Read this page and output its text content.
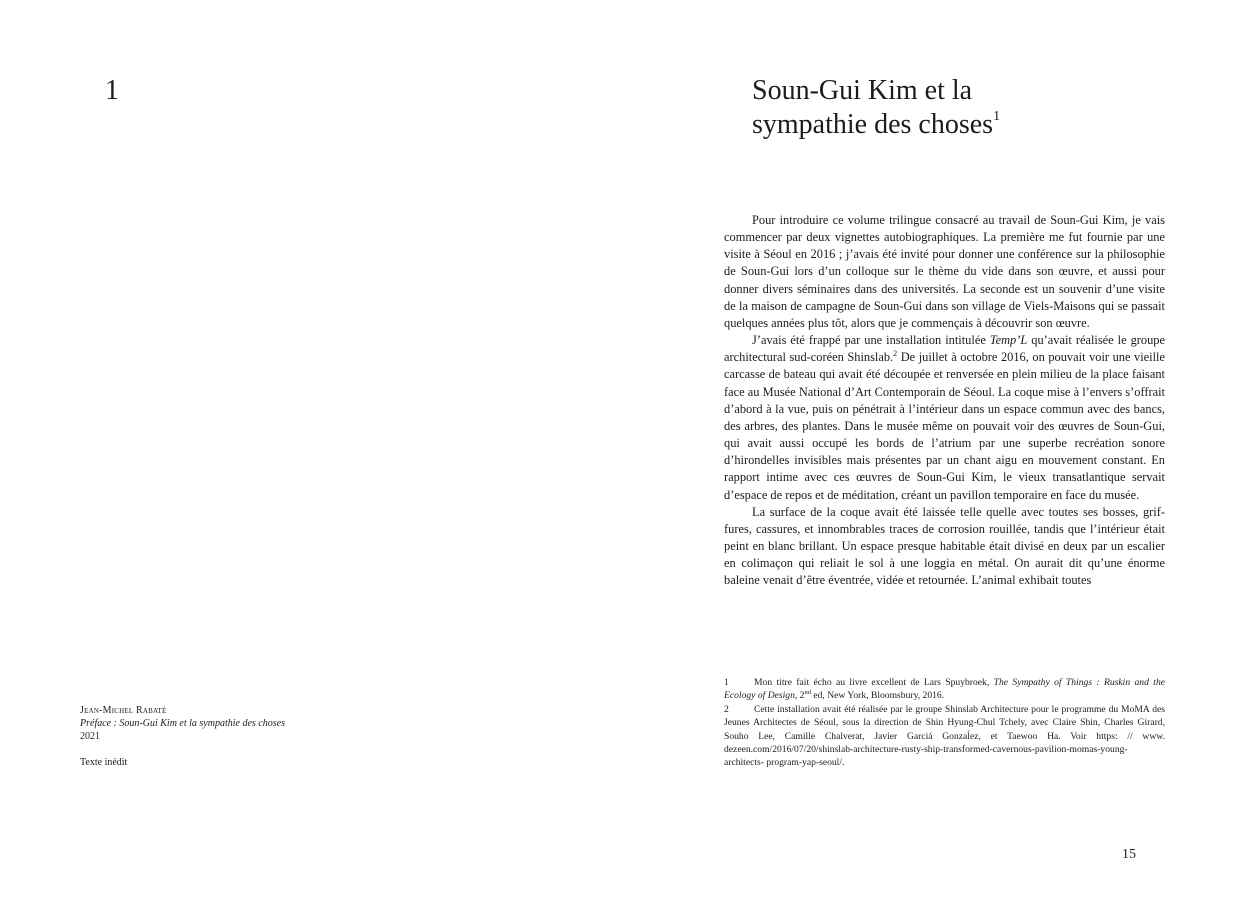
1
Jean-Michel Rabaté
Préface : Soun-Gui Kim et la sympathie des choses
2021
Texte inédit
Soun-Gui Kim et la
sympathie des choses$^1$

Pour introduire ce volume trilingue consacré au travail de Soun-Gui Kim, je vais commencer par deux vignettes autobiographiques. La première me fut fournie par une visite à Séoul en 2016 ; j’avais été invité pour donner une conférence sur la philosophie de Soun-Gui lors d’un colloque sur le thème du vide dans son œuvre, et aussi pour donner divers séminaires dans des universités. La seconde est un souvenir d’une visite de la maison de campagne de Soun-Gui dans son village de Viels-Maisons qui se passait quelques années plus tôt, alors que je commençais à découvrir son œuvre.

J’avais été frappé par une installation intitulée Temp’L qu’avait réalisée le groupe architectural sud-coréen Shinslab.$^2$ De juillet à octobre 2016, on pouvait voir une vieille carcasse de bateau qui avait été découpée et renversée en plein milieu de la place faisant face au Musée National d’Art Contemporain de Séoul. La coque mise à l’envers s’offrait d’abord à la vue, puis on pénétrait à l’intérieur dans un espace commun avec des bancs, des arbres, des plantes. Dans le musée même on pouvait voir des œuvres de Soun-Gui, qui avait aussi occupé les bords de l’atrium par une superbe recréation sonore d’hirondelles invisibles mais présentes par un chant aigu en mouvement constant. En rapport intime avec ces œuvres de Soun-Gui Kim, le vieux transatlantique servait d’espace de repos et de méditation, créant un pavillon temporaire en face du musée.

La surface de la coque avait été laissée telle quelle avec toutes ses bosses, griffures, cassures, et innombrables traces de corrosion rouillée, tandis que l’intérieur était peint en blanc brillant. Un espace presque habitable était divisé en deux par un escalier en colimaçon qui reliait le sol à une loggia en métal. On aurait dit qu’une énorme baleine venait d’être éventrée, vidée et retournée. L’animal exhibait toutes

1	Mon titre fait écho au livre excellent de Lars Spuybroek, The Sympathy of Things : Ruskin and the Ecology of Design, 2nd ed, New York, Bloomsbury, 2016.

2	Cette installation avait été réalisée par le groupe Shinslab Architecture pour le programme du MoMA des Jeunes Architectes de Séoul, sous la direction de Shin Hyung-Chul Tchely, avec Claire Shin, Charles Girard, Souho Lee, Camille Chalverat, Javier Garciá Gonzaĺez, et Taewoo Ha. Voir https: // www. dezeen.com/2016/07/20/shinslab-architecture-rusty-ship-transformed-cavernous-pavilion-momas-young-architects- program-yap-seoul/.

15
